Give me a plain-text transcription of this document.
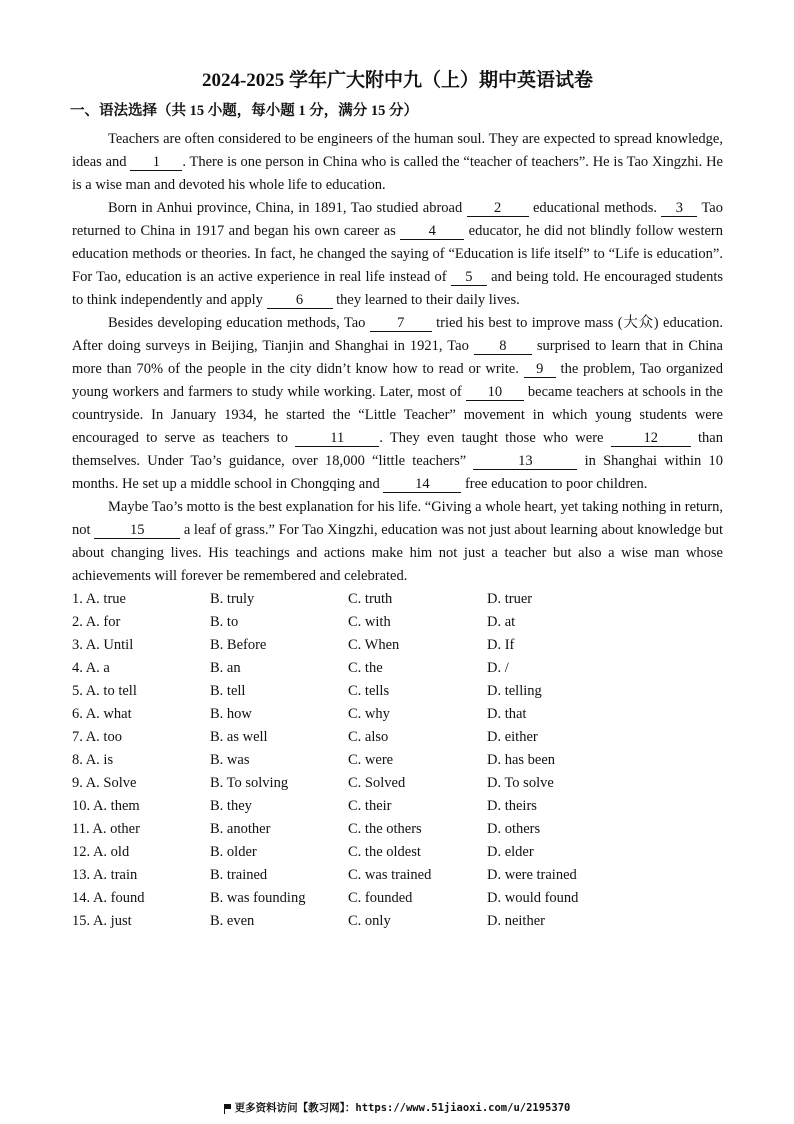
2024-2025 学年广大附中九（上）期中英语试卷
一、语法选择（共 15 小题，每小题 1 分，满分 15 分）

Teachers are often considered to be engineers of the human soul. They are expected to spread knowledge, ideas and 1 . There is one person in China who is called the “teacher of teachers”. He is Tao Xingzhi. He is a wise man and devoted his whole life to education.

Born in Anhui province, China, in 1891, Tao studied abroad 2 educational methods. 3 Tao returned to China in 1917 and began his own career as 4 educator, he did not blindly follow western education methods or theories. In fact, he changed the saying of “Education is life itself” to “Life is education”. For Tao, education is an active experience in real life instead of 5 and being told. He encouraged students to think independently and apply 6 they learned to their daily lives.

Besides developing education methods, Tao 7 tried his best to improve mass (大众) education. After doing surveys in Beijing, Tianjin and Shanghai in 1921, Tao 8 surprised to learn that in China more than 70% of the people in the city didn’t know how to read or write. 9 the problem, Tao organized young workers and farmers to study while working. Later, most of 10 became teachers at schools in the countryside. In January 1934, he started the “Little Teacher” movement in which young students were encouraged to serve as teachers to 11 . They even taught those who were 12 than themselves. Under Tao’s guidance, over 18,000 “little teachers”	13	in Shanghai within 10 months. He set up a middle school in Chongqing and 14 free education to poor children.

Maybe Tao’s motto is the best explanation for his life. “Giving a whole heart, yet taking nothing in return, not 15 a leaf of grass.” For Tao Xingzhi, education was not just about learning about knowledge but about changing lives. His teachings and actions make him not just a teacher but also a wise man whose achievements will forever be remembered and celebrated.

1. A. true	B. truly	C. truth	D. truer
2. A. for	B. to	C. with	D. at
3. A. Until	B. Before	C. When	D. If
4. A. a	B. an	C. the	D. /
5. A. to tell	B. tell	C. tells	D. telling
6. A. what	B. how	C. why	D. that
7. A. too	B. as well	C. also	D. either
8. A. is	B. was	C. were	D. has been
9. A. Solve	B. To solving	C. Solved	D. To solve
10. A. them	B. they	C. their	D. theirs
11. A. other	B. another	C. the others	D. others
12. A. old	B. older	C. the oldest	D. elder
13. A. train	B. trained	C. was trained	D. were trained
14. A. found	B. was founding	C. founded	D. would found
15. A. just	B. even	C. only	D. neither
更多资料访问【教习网】：https://www.51jiaoxi.com/u/2195370
